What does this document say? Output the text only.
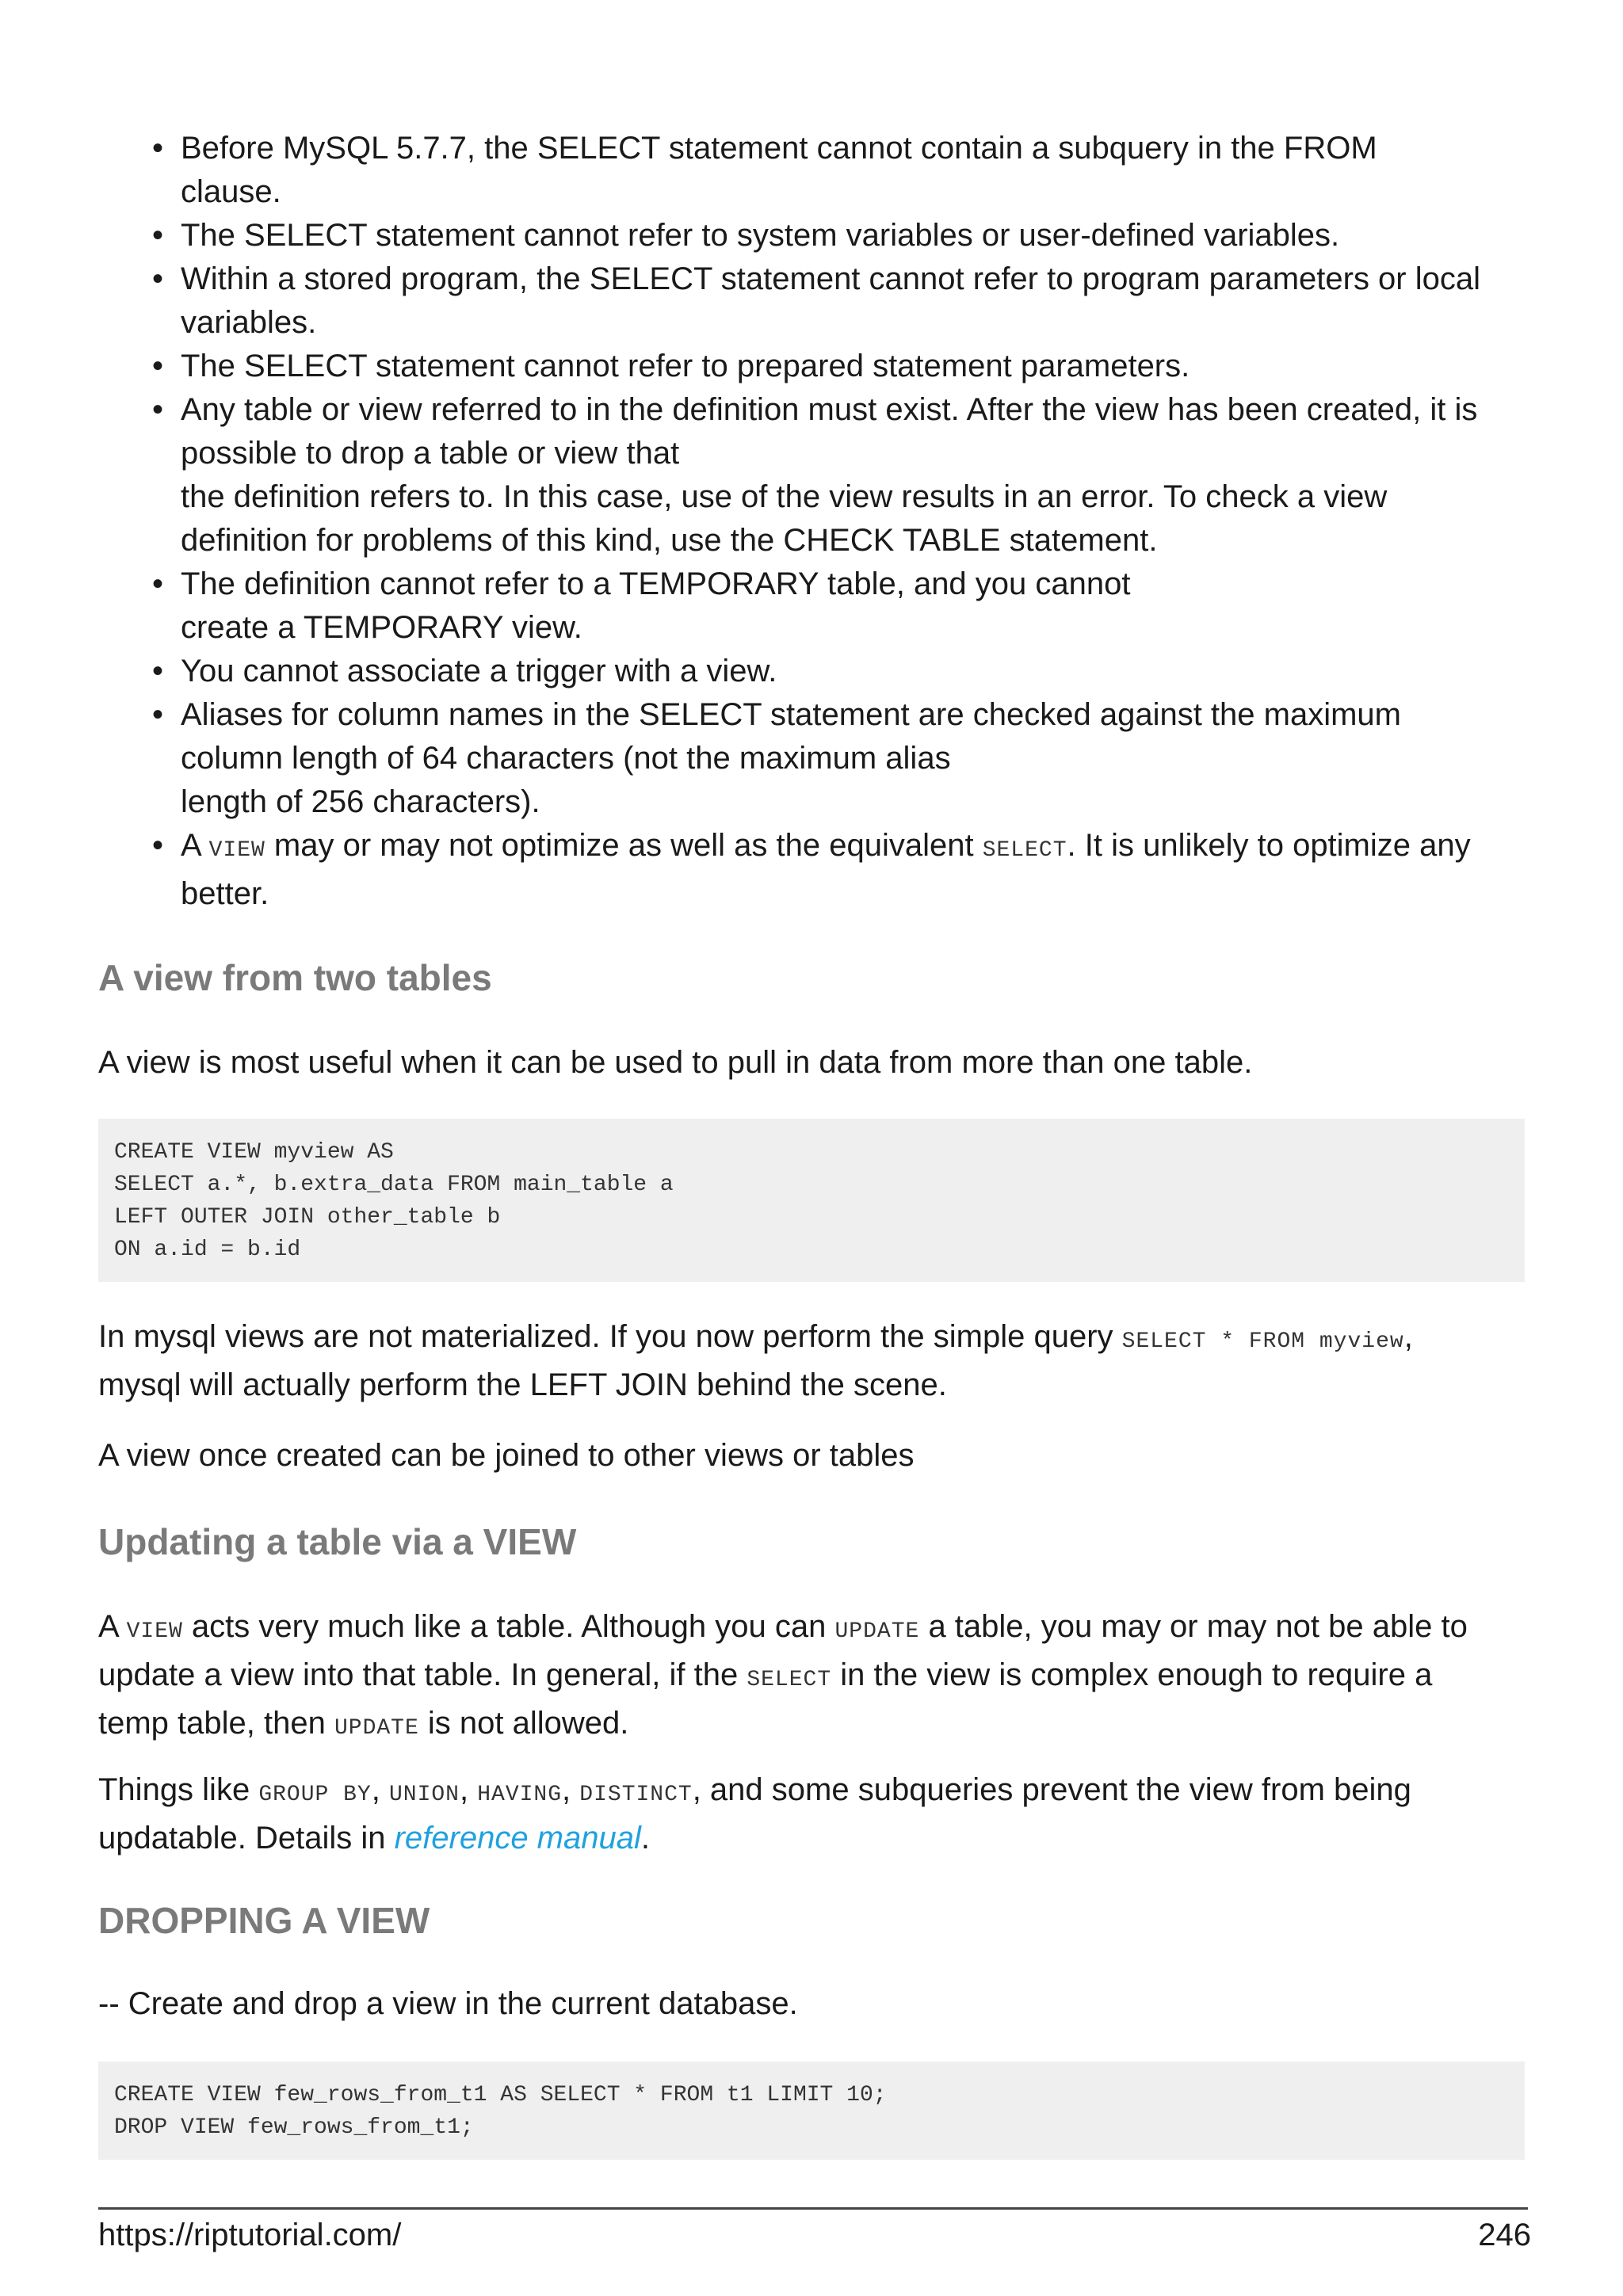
• Before MySQL 5.7.7, the SELECT statement cannot contain a subquery in the FROM
clause.
• The SELECT statement cannot refer to system variables or user-defined variables.
• Within a stored program, the SELECT statement cannot refer to program parameters or local
variables.
• The SELECT statement cannot refer to prepared statement parameters.
• Any table or view referred to in the definition must exist. After the view has been created, it is
possible to drop a table or view that
the definition refers to. In this case, use of the view results in an error. To check a view
definition for problems of this kind, use the CHECK TABLE statement.
• The definition cannot refer to a TEMPORARY table, and you cannot
create a TEMPORARY view.
• You cannot associate a trigger with a view.
• Aliases for column names in the SELECT statement are checked against the maximum
column length of 64 characters (not the maximum alias
length of 256 characters).
• A VIEW may or may not optimize as well as the equivalent SELECT. It is unlikely to optimize any
better.
A view from two tables

A view is most useful when it can be used to pull in data from more than one table.

CREATE VIEW myview AS
SELECT a.*, b.extra_data FROM main_table a
LEFT OUTER JOIN other_table b
ON a.id = b.id

In mysql views are not materialized. If you now perform the simple query SELECT * FROM myview,
mysql will actually perform the LEFT JOIN behind the scene.

A view once created can be joined to other views or tables

Updating a table via a VIEW

A VIEW acts very much like a table. Although you can UPDATE a table, you may or may not be able to
update a view into that table. In general, if the SELECT in the view is complex enough to require a
temp table, then UPDATE is not allowed.

Things like GROUP BY, UNION, HAVING, DISTINCT, and some subqueries prevent the view from being
updatable. Details in reference manual.

DROPPING A VIEW

-- Create and drop a view in the current database.

CREATE VIEW few_rows_from_t1 AS SELECT * FROM t1 LIMIT 10;
DROP VIEW few_rows_from_t1;
https://riptutorial.com/	246
